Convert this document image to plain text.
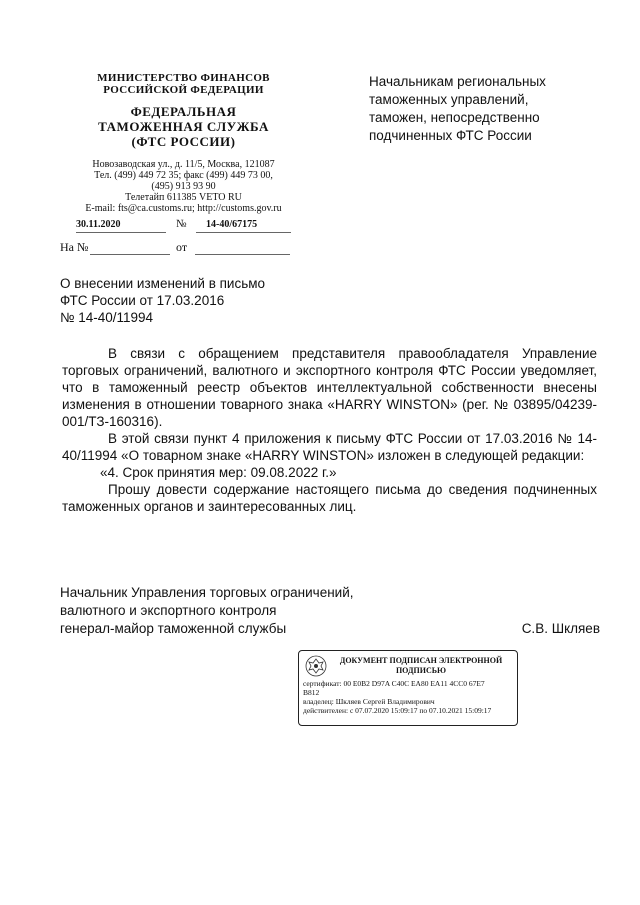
МИНИСТЕРСТВО ФИНАНСОВ
РОССИЙСКОЙ ФЕДЕРАЦИИ
ФЕДЕРАЛЬНАЯ
ТАМОЖЕННАЯ СЛУЖБА
(ФТС РОССИИ)
Новозаводская ул., д. 11/5, Москва, 121087
Тел. (499) 449 72 35; факс (499) 449 73 00,
(495) 913 93 90
Телетайп 611385 VETO RU
E-mail: fts@ca.customs.ru; http://customs.gov.ru
30.11.2020	№ 14-40/67175
На №	от
Начальникам региональных таможенных управлений, таможен, непосредственно подчиненных ФТС России
О внесении изменений в письмо
ФТС России от 17.03.2016
№ 14-40/11994

В связи с обращением представителя правообладателя Управление торговых ограничений, валютного и экспортного контроля ФТС России уведомляет, что в таможенный реестр объектов интеллектуальной собственности внесены изменения в отношении товарного знака «HARRY WINSTON» (рег. № 03895/04239-001/ТЗ-160316).

В этой связи пункт 4 приложения к письму ФТС России от 17.03.2016 № 14-40/11994 «О товарном знаке «HARRY WINSTON» изложен в следующей редакции:

«4. Срок принятия мер: 09.08.2022 г.»

Прошу довести содержание настоящего письма до сведения подчиненных таможенных органов и заинтересованных лиц.

Начальник Управления торговых ограничений,
валютного и экспортного контроля
генерал-майор таможенной службы	С.В. Шкляев
ДОКУМЕНТ ПОДПИСАН ЭЛЕКТРОННОЙ
ПОДПИСЬЮ
сертификат: 00 E0B2 D97A C40C EA80 EA11 4CC0 67E7
B812
владелец: Шкляев Сергей Владимирович
действителен: с 07.07.2020 15:09:17 по 07.10.2021 15:09:17
